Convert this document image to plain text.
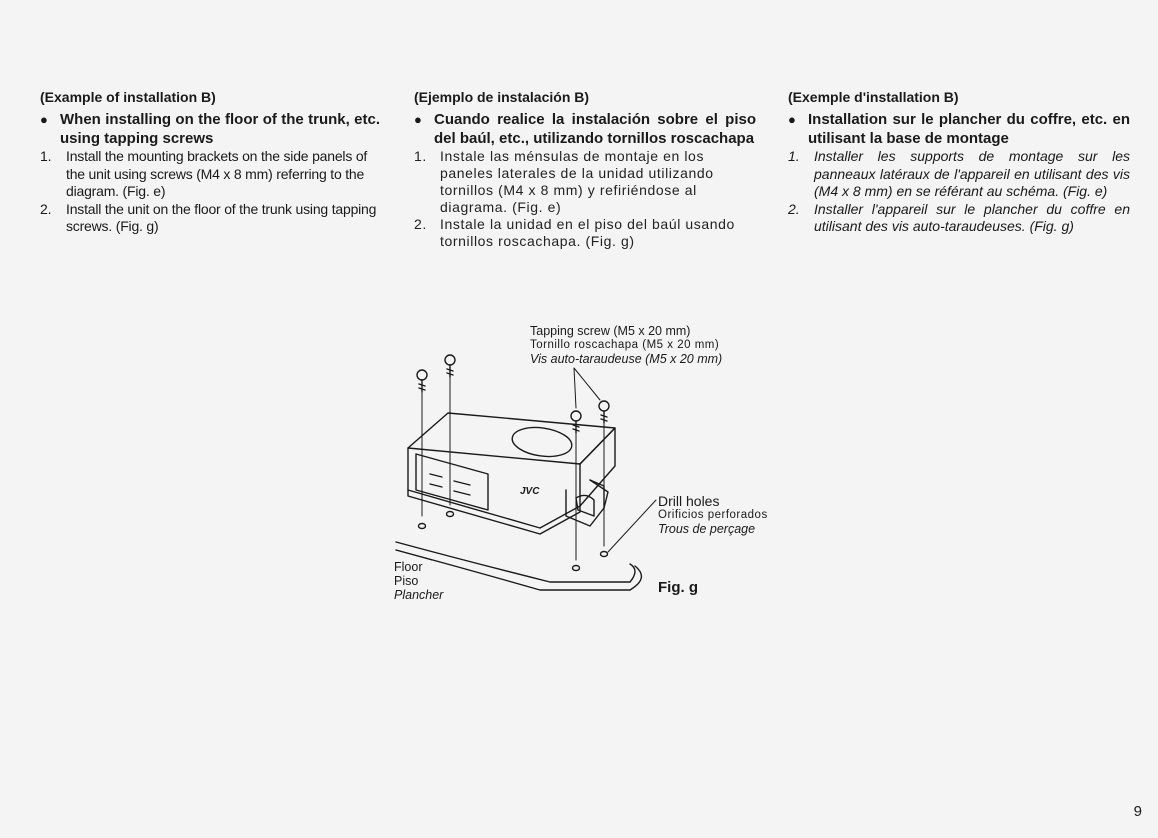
(Example of installation B)
● When installing on the floor of the trunk, etc. using tapping screws
1.	Install the mounting brackets on the side panels of the unit using screws (M4 x 8 mm) referring to the diagram. (Fig. e)
2.	Install the unit on the floor of the trunk using tapping screws. (Fig. g)
(Ejemplo de instalación B)
● Cuando realice la instalación sobre el piso del baúl, etc., utilizando tornillos roscachapa
1. Instale las ménsulas de montaje en los paneles laterales de la unidad utilizando tornillos (M4 x 8 mm) y refiriéndose al diagrama. (Fig. e)
2. Instale la unidad en el piso del baúl usando tornillos roscachapa. (Fig. g)
(Exemple d'installation B)
● Installation sur le plancher du coffre, etc. en utilisant la base de montage
1.	Installer les supports de montage sur les panneaux latéraux de l'appareil en utilisant des vis (M4 x 8 mm) en se référant au schéma. (Fig. e)
2.	Installer l'appareil sur le plancher du coffre en utilisant des vis auto-taraudeuses. (Fig. g)
JVC
Tapping screw (M5 x 20 mm)
Tornillo roscachapa (M5 x 20 mm)
Vis auto-taraudeuse (M5 x 20 mm)
Drill holes
Orificios perforados
Trous de perçage
Floor
Piso
Plancher	Fig. g
9
